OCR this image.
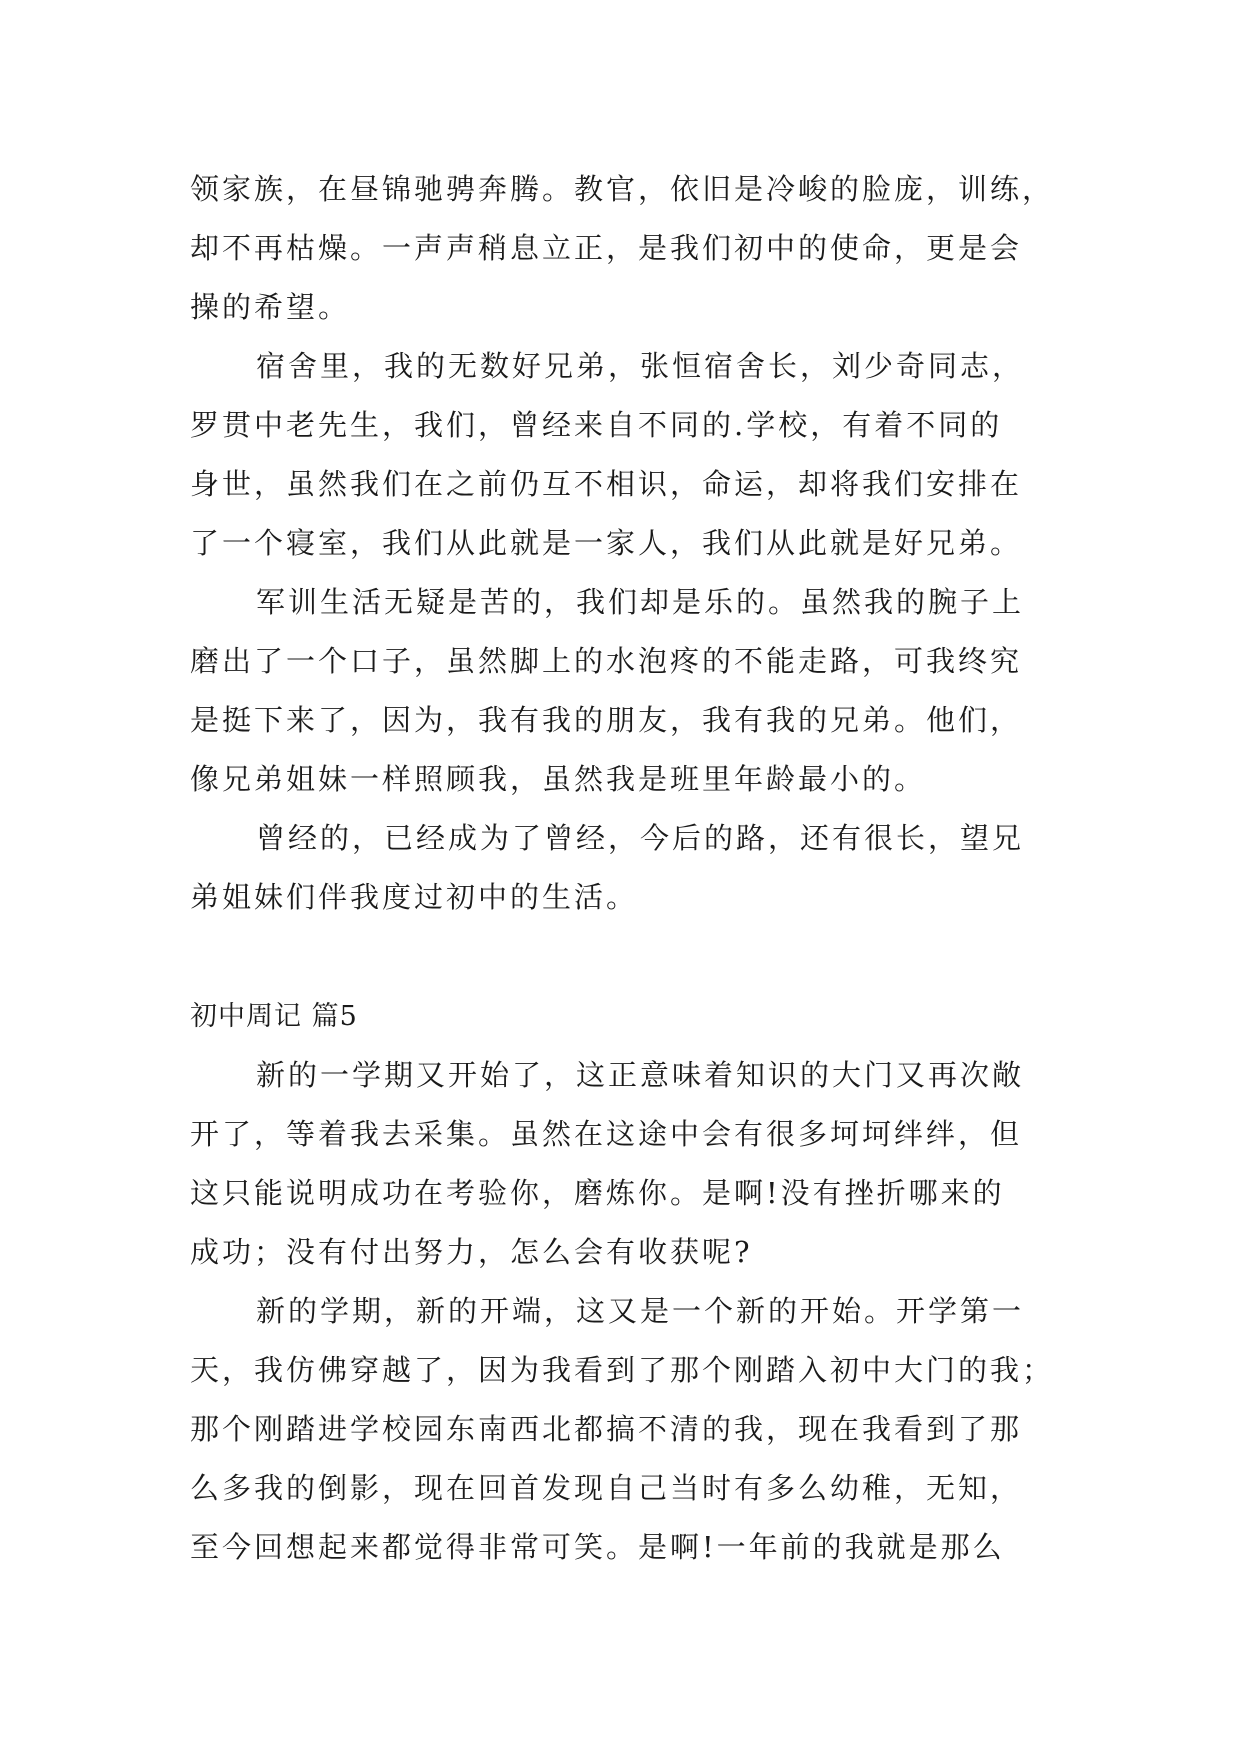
领家族，在昼锦驰骋奔腾。教官，依旧是冷峻的脸庞，训练，
却不再枯燥。一声声稍息立正，是我们初中的使命，更是会
操的希望。
宿舍里，我的无数好兄弟，张恒宿舍长，刘少奇同志，
罗贯中老先生，我们，曾经来自不同的.学校，有着不同的
身世，虽然我们在之前仍互不相识，命运，却将我们安排在
了一个寝室，我们从此就是一家人，我们从此就是好兄弟。
军训生活无疑是苦的，我们却是乐的。虽然我的腕子上
磨出了一个口子，虽然脚上的水泡疼的不能走路，可我终究
是挺下来了，因为，我有我的朋友，我有我的兄弟。他们，
像兄弟姐妹一样照顾我，虽然我是班里年龄最小的。
曾经的，已经成为了曾经，今后的路，还有很长，望兄
弟姐妹们伴我度过初中的生活。
初中周记 篇5
新的一学期又开始了，这正意味着知识的大门又再次敞
开了，等着我去采集。虽然在这途中会有很多坷坷绊绊，但
这只能说明成功在考验你，磨炼你。是啊!没有挫折哪来的
成功；没有付出努力，怎么会有收获呢?
新的学期，新的开端，这又是一个新的开始。开学第一
天，我仿佛穿越了，因为我看到了那个刚踏入初中大门的我；
那个刚踏进学校园东南西北都搞不清的我，现在我看到了那
么多我的倒影，现在回首发现自己当时有多么幼稚，无知，
至今回想起来都觉得非常可笑。是啊!一年前的我就是那么
